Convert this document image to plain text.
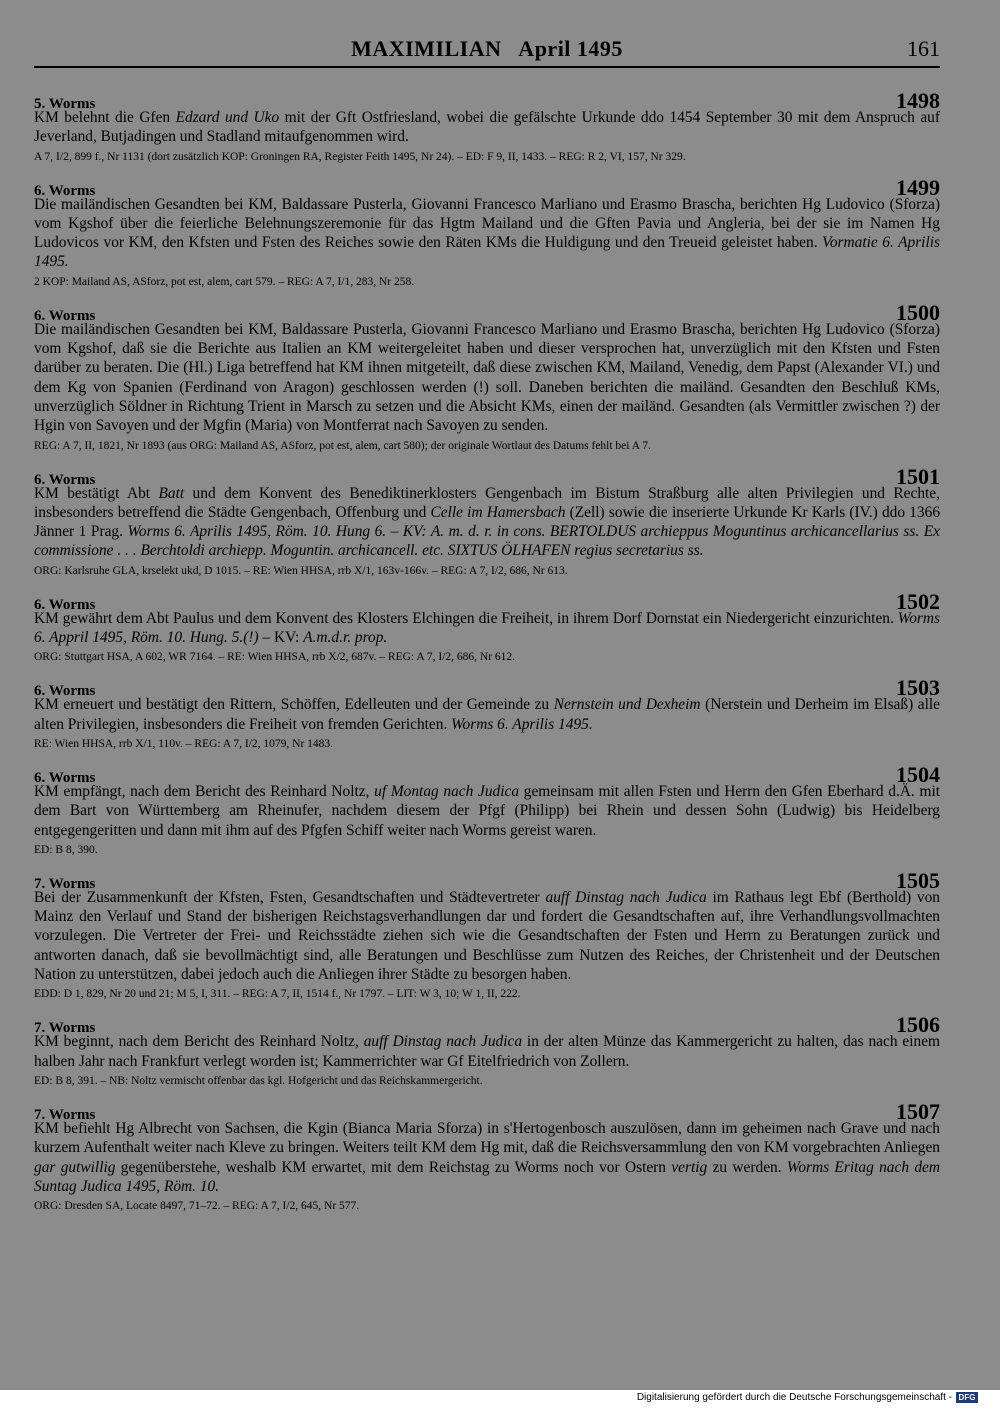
MAXIMILIAN   April 1495	161
5. Worms	1498
KM belehnt die Gfen Edzard und Uko mit der Gft Ostfriesland, wobei die gefälschte Urkunde ddo 1454 September 30 mit dem Anspruch auf Jeverland, Butjadingen und Stadland mitaufgenommen wird.
A 7, I/2, 899 f., Nr 1131 (dort zusätzlich KOP: Groningen RA, Register Feith 1495, Nr 24). – ED: F 9, II, 1433. – REG: R 2, VI, 157, Nr 329.
6. Worms	1499
Die mailändischen Gesandten bei KM, Baldassare Pusterla, Giovanni Francesco Marliano und Erasmo Brascha, berichten Hg Ludovico (Sforza) vom Kgshof über die feierliche Belehnungszeremonie für das Hgtm Mailand und die Gften Pavia und Angleria, bei der sie im Namen Hg Ludovicos vor KM, den Kfsten und Fsten des Reiches sowie den Räten KMs die Huldigung und den Treueid geleistet haben. Vormatie 6. Aprilis 1495.
2 KOP: Mailand AS, ASforz, pot est, alem, cart 579. – REG: A 7, I/1, 283, Nr 258.
6. Worms	1500
Die mailändischen Gesandten bei KM, Baldassare Pusterla, Giovanni Francesco Marliano und Erasmo Brascha, berichten Hg Ludovico (Sforza) vom Kgshof, daß sie die Berichte aus Italien an KM weitergeleitet haben und dieser versprochen hat, unverzüglich mit den Kfsten und Fsten darüber zu beraten. Die (Hl.) Liga betreffend hat KM ihnen mitgeteilt, daß diese zwischen KM, Mailand, Venedig, dem Papst (Alexander VI.) und dem Kg von Spanien (Ferdinand von Aragon) geschlossen werden (!) soll. Daneben berichten die mailänd. Gesandten den Beschluß KMs, unverzüglich Söldner in Richtung Trient in Marsch zu setzen und die Absicht KMs, einen der mailänd. Gesandten (als Vermittler zwischen ?) der Hgin von Savoyen und der Mgfin (Maria) von Montferrat nach Savoyen zu senden.
REG: A 7, II, 1821, Nr 1893 (aus ORG: Mailand AS, ASforz, pot est, alem, cart 580); der originale Wortlaut des Datums fehlt bei A 7.
6. Worms	1501
KM bestätigt Abt Batt und dem Konvent des Benediktinerklosters Gengenbach im Bistum Straßburg alle alten Privilegien und Rechte, insbesonders betreffend die Städte Gengenbach, Offenburg und Celle im Hamersbach (Zell) sowie die inserierte Urkunde Kr Karls (IV.) ddo 1366 Jänner 1 Prag. Worms 6. Aprilis 1495, Röm. 10. Hung 6. – KV: A. m. d. r. in cons. BERTOLDUS archieppus Moguntinus archicancellarius ss. Ex commissione . . . Berchtoldi archiepp. Moguntin. archicancell. etc. SIXTUS ÖLHAFEN regius secretarius ss.
ORG: Karlsruhe GLA, krselekt ukd, D 1015. – RE: Wien HHSA, rrb X/1, 163v-166v. – REG: A 7, I/2, 686, Nr 613.
6. Worms	1502
KM gewährt dem Abt Paulus und dem Konvent des Klosters Elchingen die Freiheit, in ihrem Dorf Dornstat ein Niedergericht einzurichten. Worms 6. Appril 1495, Röm. 10. Hung. 5.(!) – KV: A.m.d.r. prop.
ORG: Stuttgart HSA, A 602, WR 7164. – RE: Wien HHSA, rrb X/2, 687v. – REG: A 7, I/2, 686, Nr 612.
6. Worms	1503
KM erneuert und bestätigt den Rittern, Schöffen, Edelleuten und der Gemeinde zu Nernstein und Dexheim (Nerstein und Derheim im Elsaß) alle alten Privilegien, insbesonders die Freiheit von fremden Gerichten. Worms 6. Aprilis 1495.
RE: Wien HHSA, rrb X/1, 110v. – REG: A 7, I/2, 1079, Nr 1483.
6. Worms	1504
KM empfängt, nach dem Bericht des Reinhard Noltz, uf Montag nach Judica gemeinsam mit allen Fsten und Herrn den Gfen Eberhard d.Ä. mit dem Bart von Württemberg am Rheinufer, nachdem diesem der Pfgf (Philipp) bei Rhein und dessen Sohn (Ludwig) bis Heidelberg entgegengeritten und dann mit ihm auf des Pfgfen Schiff weiter nach Worms gereist waren.
ED: B 8, 390.
7. Worms	1505
Bei der Zusammenkunft der Kfsten, Fsten, Gesandtschaften und Städtevertreter auff Dinstag nach Judica im Rathaus legt Ebf (Berthold) von Mainz den Verlauf und Stand der bisherigen Reichstagsverhandlungen dar und fordert die Gesandtschaften auf, ihre Verhandlungsvollmachten vorzulegen. Die Vertreter der Frei- und Reichsstädte ziehen sich wie die Gesandtschaften der Fsten und Herrn zu Beratungen zurück und antworten danach, daß sie bevollmächtigt sind, alle Beratungen und Beschlüsse zum Nutzen des Reiches, der Christenheit und der Deutschen Nation zu unterstützen, dabei jedoch auch die Anliegen ihrer Städte zu besorgen haben.
EDD: D 1, 829, Nr 20 und 21; M 5, I, 311. – REG: A 7, II, 1514 f., Nr 1797. – LIT: W 3, 10; W 1, II, 222.
7. Worms	1506
KM beginnt, nach dem Bericht des Reinhard Noltz, auff Dinstag nach Judica in der alten Münze das Kammergericht zu halten, das nach einem halben Jahr nach Frankfurt verlegt worden ist; Kammerrichter war Gf Eitelfriedrich von Zollern.
ED: B 8, 391. – NB: Noltz vermischt offenbar das kgl. Hofgericht und das Reichskammergericht.
7. Worms	1507
KM befiehlt Hg Albrecht von Sachsen, die Kgin (Bianca Maria Sforza) in s'Hertogenbosch auszulösen, dann im geheimen nach Grave und nach kurzem Aufenthalt weiter nach Kleve zu bringen. Weiters teilt KM dem Hg mit, daß die Reichsversammlung den von KM vorgebrachten Anliegen gar gutwillig gegenüberstehe, weshalb KM erwartet, mit dem Reichstag zu Worms noch vor Ostern vertig zu werden. Worms Eritag nach dem Suntag Judica 1495, Röm. 10.
ORG: Dresden SA, Locate 8497, 71–72. – REG: A 7, I/2, 645, Nr 577.
Digitalisierung gefördert durch die Deutsche Forschungsgemeinschaft - DFG
